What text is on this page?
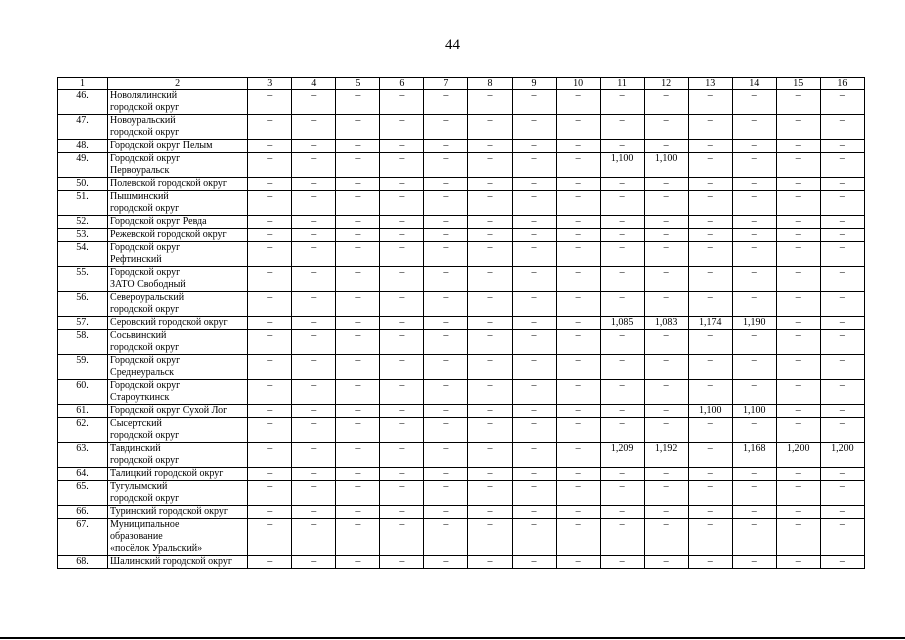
44
1	2	3	4	5	6	7	8	9	10	11	12	13	14	15	16
46.	Новолялинский
городской округ	–	–	–	–	–	–	–	–	–	–	–	–	–	–
47.	Новоуральский
городской округ	–	–	–	–	–	–	–	–	–	–	–	–	–	–
48.	Городской округ Пелым	–	–	–	–	–	–	–	–	–	–	–	–	–	–
49.	Городской округ
Первоуральск	–	–	–	–	–	–	–	–	1,100	1,100	–	–	–	–
50.	Полевской городской округ	–	–	–	–	–	–	–	–	–	–	–	–	–	–
51.	Пышминский
городской округ	–	–	–	–	–	–	–	–	–	–	–	–	–	–
52.	Городской округ Ревда	–	–	–	–	–	–	–	–	–	–	–	–	–	–
53.	Режевской городской округ	–	–	–	–	–	–	–	–	–	–	–	–	–	–
54.	Городской округ
Рефтинский	–	–	–	–	–	–	–	–	–	–	–	–	–	–
55.	Городской округ
ЗАТО Свободный	–	–	–	–	–	–	–	–	–	–	–	–	–	–
56.	Североуральский
городской округ	–	–	–	–	–	–	–	–	–	–	–	–	–	–
57.	Серовский городской округ	–	–	–	–	–	–	–	–	1,085	1,083	1,174	1,190	–	–
58.	Сосьвинский
городской округ	–	–	–	–	–	–	–	–	–	–	–	–	–	–
59.	Городской округ
Среднеуральск	–	–	–	–	–	–	–	–	–	–	–	–	–	–
60.	Городской округ
Староуткинск	–	–	–	–	–	–	–	–	–	–	–	–	–	–
61.	Городской округ Сухой Лог	–	–	–	–	–	–	–	–	–	–	1,100	1,100	–	–
62.	Сысертский
городской округ	–	–	–	–	–	–	–	–	–	–	–	–	–	–
63.	Тавдинский
городской округ	–	–	–	–	–	–	–	–	1,209	1,192	–	1,168	1,200	1,200
64.	Талицкий городской округ	–	–	–	–	–	–	–	–	–	–	–	–	–	–
65.	Тугулымский
городской округ	–	–	–	–	–	–	–	–	–	–	–	–	–	–
66.	Туринский городской округ	–	–	–	–	–	–	–	–	–	–	–	–	–	–
67.	Муниципальное
образование
«посёлок Уральский»	–	–	–	–	–	–	–	–	–	–	–	–	–	–
68.	Шалинский городской округ	–	–	–	–	–	–	–	–	–	–	–	–	–	–
